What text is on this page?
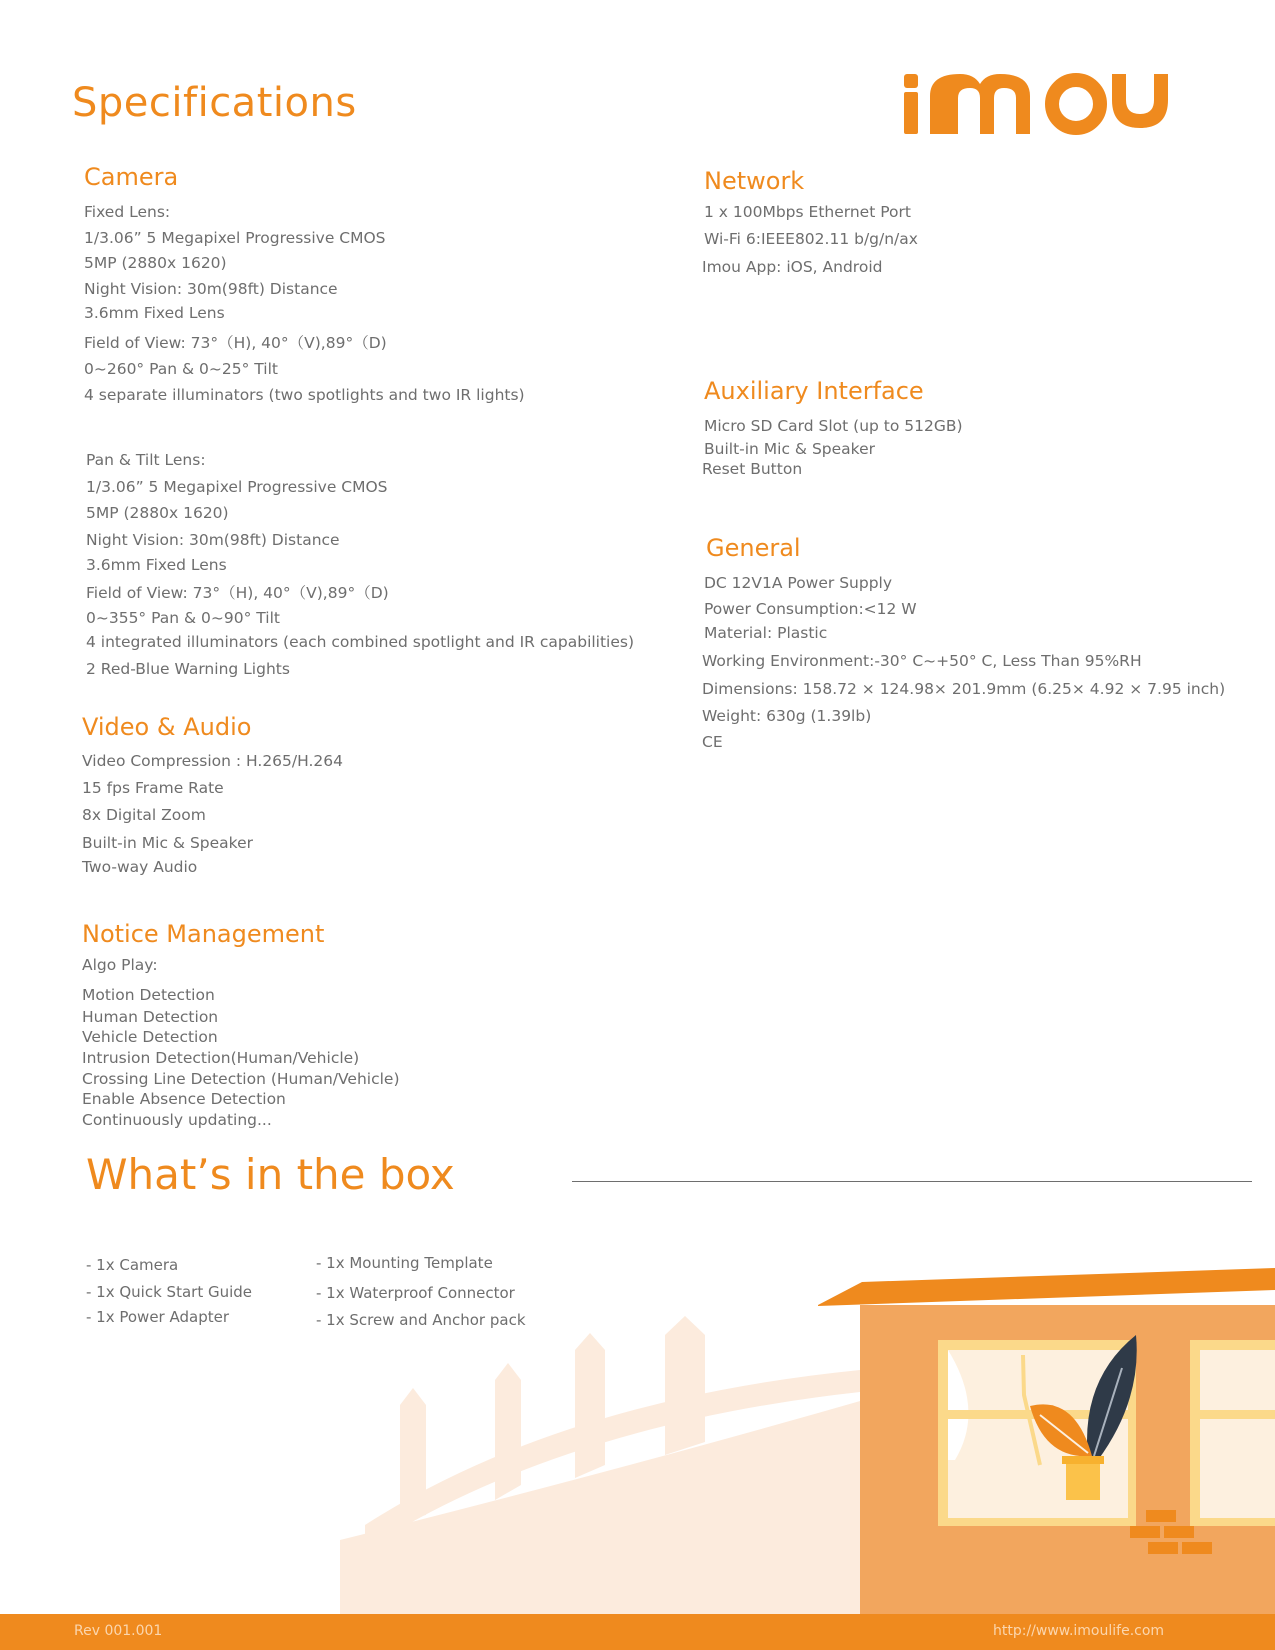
Specifications
Camera
Fixed Lens:
1/3.06” 5 Megapixel Progressive CMOS
5MP (2880x 1620)
Night Vision: 30m(98ft) Distance
3.6mm Fixed Lens
Field of View: 73°（H), 40°（V),89°（D)
0~260° Pan & 0~25° Tilt
4 separate illuminators (two spotlights and two IR lights)
Pan & Tilt Lens:
1/3.06” 5 Megapixel Progressive CMOS
5MP (2880x 1620)
Night Vision: 30m(98ft) Distance
3.6mm Fixed Lens
Field of View: 73°（H), 40°（V),89°（D)
0~355° Pan & 0~90° Tilt
4 integrated illuminators (each combined spotlight and IR capabilities)
2 Red-Blue Warning Lights
Video & Audio
Video Compression : H.265/H.264
15 fps Frame Rate
8x Digital Zoom
Built-in Mic & Speaker
Two-way Audio
Notice Management
Algo Play:
Motion Detection
Human Detection
Vehicle Detection
Intrusion Detection(Human/Vehicle)
Crossing Line Detection (Human/Vehicle)
Enable Absence Detection
Continuously updating...
Network
1 x 100Mbps Ethernet Port
Wi-Fi 6:IEEE802.11 b/g/n/ax
Imou App: iOS, Android
Auxiliary Interface
Micro SD Card Slot (up to 512GB)
Built-in Mic & Speaker
Reset Button
General
DC 12V1A Power Supply
Power Consumption:<12 W
Material: Plastic
Working Environment:-30° C~+50° C, Less Than 95%RH
Dimensions: 158.72 × 124.98× 201.9mm (6.25× 4.92 × 7.95 inch)
Weight: 630g (1.39lb)
CE
What’s in the box
- 1x Camera
- 1x Quick Start Guide
- 1x Power Adapter
- 1x Mounting Template
- 1x Waterproof Connector
- 1x Screw and Anchor pack
Rev 001.001	http://www.imoulife.com
